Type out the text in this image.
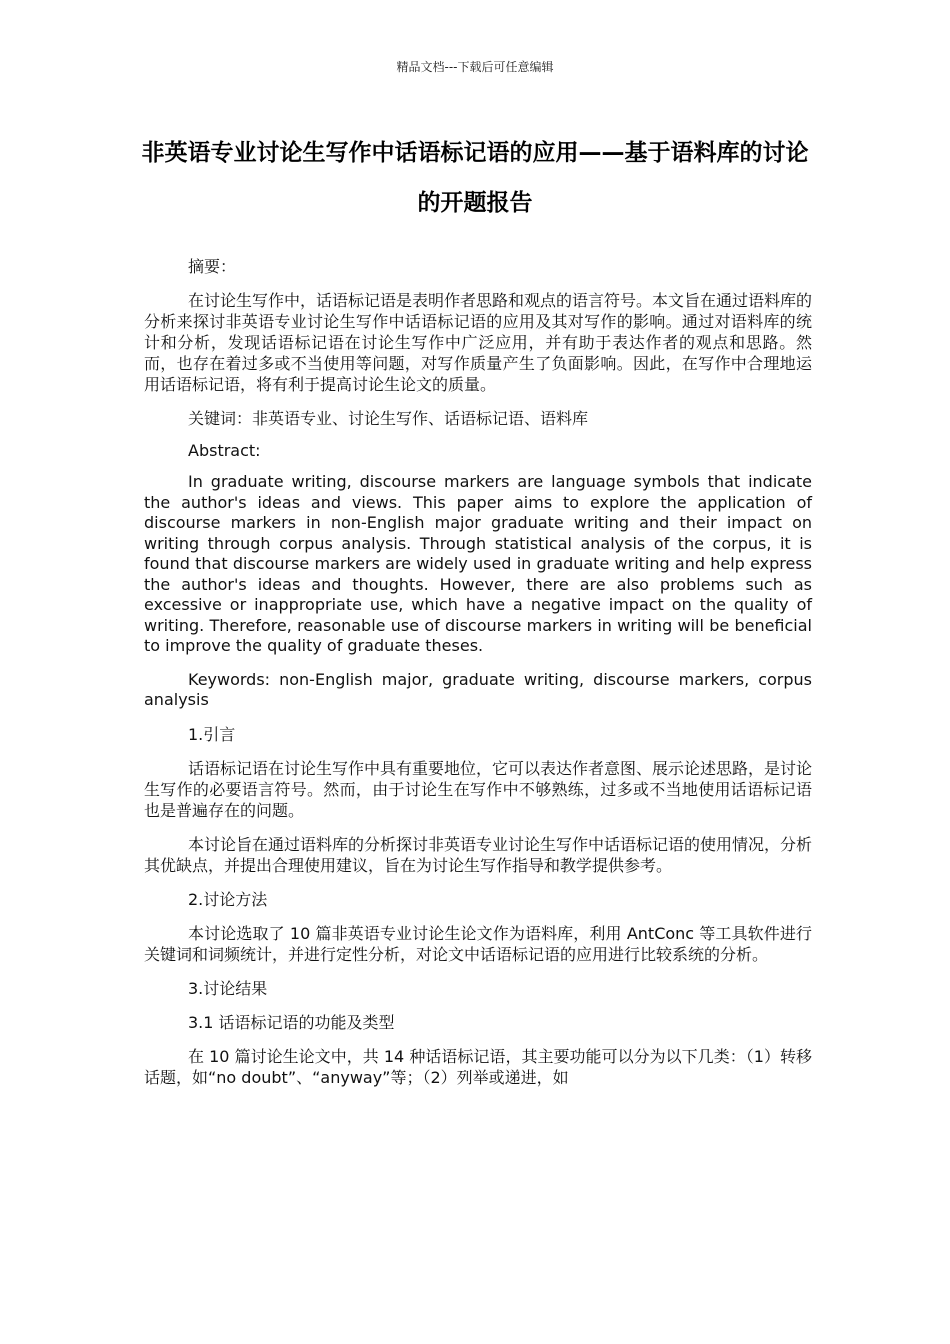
精品文档---下载后可任意编辑
非英语专业讨论生写作中话语标记语的应用——基于语料库的讨论的开题报告

摘要：

在讨论生写作中，话语标记语是表明作者思路和观点的语言符号。本文旨在通过语料库的分析来探讨非英语专业讨论生写作中话语标记语的应用及其对写作的影响。通过对语料库的统计和分析，发现话语标记语在讨论生写作中广泛应用，并有助于表达作者的观点和思路。然而，也存在着过多或不当使用等问题，对写作质量产生了负面影响。因此，在写作中合理地运用话语标记语，将有利于提高讨论生论文的质量。

关键词：非英语专业、讨论生写作、话语标记语、语料库

Abstract:

In graduate writing, discourse markers are language symbols that indicate the author's ideas and views. This paper aims to explore the application of discourse markers in non-English major graduate writing and their impact on writing through corpus analysis. Through statistical analysis of the corpus, it is found that discourse markers are widely used in graduate writing and help express the author's ideas and thoughts. However, there are also problems such as excessive or inappropriate use, which have a negative impact on the quality of writing. Therefore, reasonable use of discourse markers in writing will be beneficial to improve the quality of graduate theses.

Keywords: non-English major, graduate writing, discourse markers, corpus analysis

1.引言

话语标记语在讨论生写作中具有重要地位，它可以表达作者意图、展示论述思路，是讨论生写作的必要语言符号。然而，由于讨论生在写作中不够熟练，过多或不当地使用话语标记语也是普遍存在的问题。

本讨论旨在通过语料库的分析探讨非英语专业讨论生写作中话语标记语的使用情况，分析其优缺点，并提出合理使用建议，旨在为讨论生写作指导和教学提供参考。

2.讨论方法

本讨论选取了 10 篇非英语专业讨论生论文作为语料库，利用 AntConc 等工具软件进行关键词和词频统计，并进行定性分析，对论文中话语标记语的应用进行比较系统的分析。

3.讨论结果

3.1 话语标记语的功能及类型

在 10 篇讨论生论文中，共 14 种话语标记语，其主要功能可以分为以下几类：（1）转移话题，如“no doubt”、“anyway”等；（2）列举或递进，如
